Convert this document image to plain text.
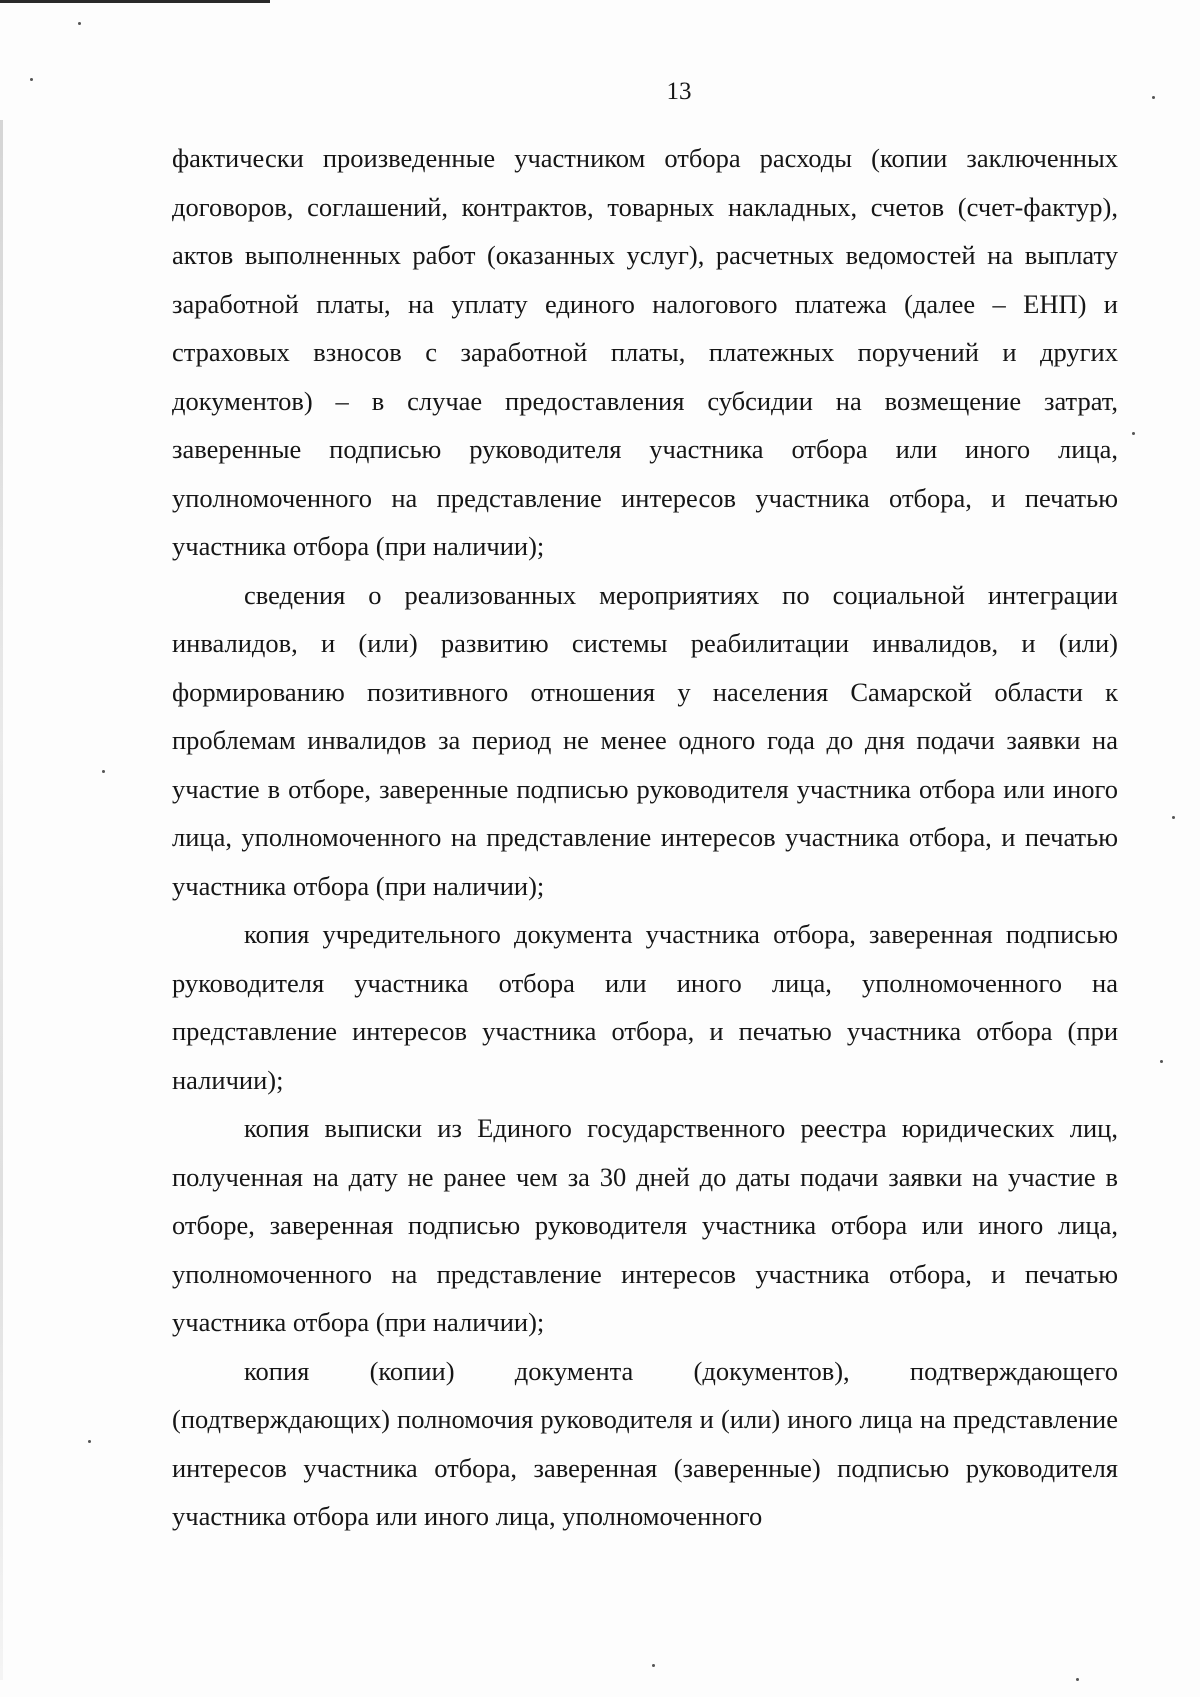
13

фактически произведенные участником отбора расходы (копии заключенных договоров, соглашений, контрактов, товарных накладных, счетов (счет-фактур), актов выполненных работ (оказанных услуг), расчетных ведомостей на выплату заработной платы, на уплату единого налогового платежа (далее – ЕНП) и страховых взносов с заработной платы, платежных поручений и других документов) – в случае предоставления субсидии на возмещение затрат, заверенные подписью руководителя участника отбора или иного лица, уполномоченного на представление интересов участника отбора, и печатью участника отбора (при наличии);

сведения о реализованных мероприятиях по социальной интеграции инвалидов, и (или) развитию системы реабилитации инвалидов, и (или) формированию позитивного отношения у населения Самарской области к проблемам инвалидов за период не менее одного года до дня подачи заявки на участие в отборе, заверенные подписью руководителя участника отбора или иного лица, уполномоченного на представление интересов участника отбора, и печатью участника отбора (при наличии);

копия учредительного документа участника отбора, заверенная подписью руководителя участника отбора или иного лица, уполномоченного на представление интересов участника отбора, и печатью участника отбора (при наличии);

копия выписки из Единого государственного реестра юридических лиц, полученная на дату не ранее чем за 30 дней до даты подачи заявки на участие в отборе, заверенная подписью руководителя участника отбора или иного лица, уполномоченного на представление интересов участника отбора, и печатью участника отбора (при наличии);

копия (копии) документа (документов), подтверждающего (подтверждающих) полномочия руководителя и (или) иного лица на представление интересов участника отбора, заверенная (заверенные) подписью руководителя участника отбора или иного лица, уполномоченного
